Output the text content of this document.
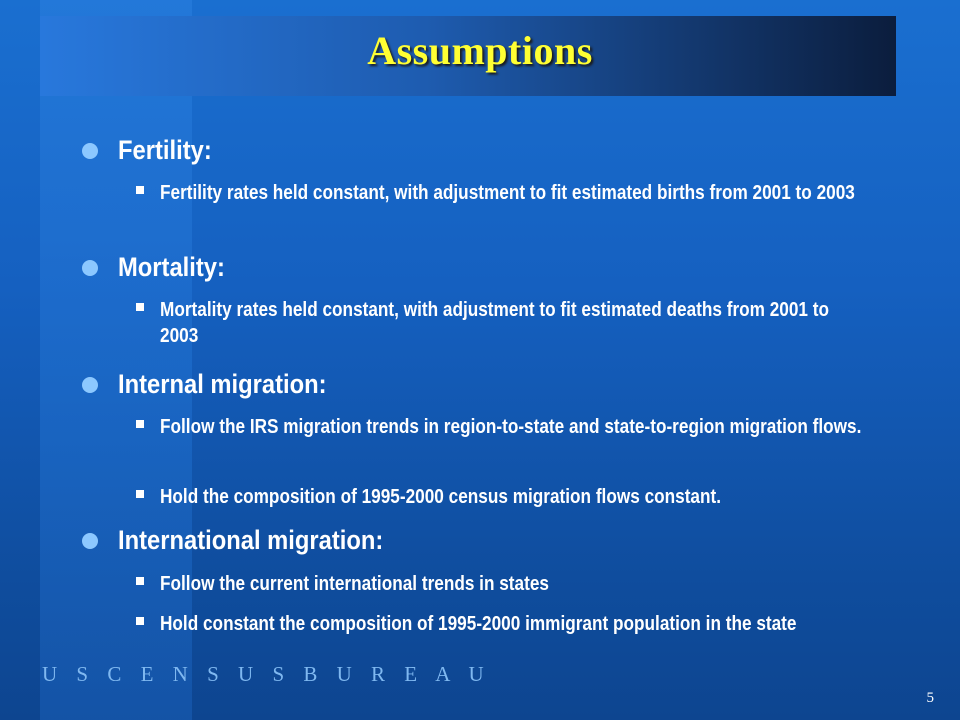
Assumptions
Fertility:
Fertility rates held constant, with adjustment to fit estimated births from 2001 to 2003
Mortality:
Mortality rates held constant, with adjustment to fit estimated deaths from 2001 to 2003
Internal migration:
Follow the IRS migration trends in region-to-state and state-to-region migration flows.
Hold the composition of 1995-2000 census migration flows constant.
International migration:
Follow the current international trends in states
Hold constant the composition of 1995-2000 immigrant population in the state
U S C E N S U S B U R E A U
5
